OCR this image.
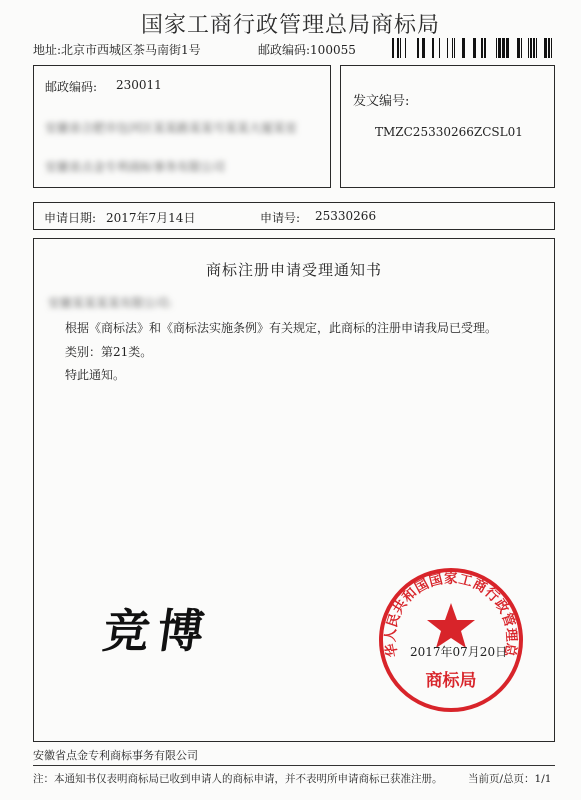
国家工商行政管理总局商标局
地址:北京市西城区茶马南街1号	邮政编码:100055
邮政编码: 230011
安徽省合肥市包河区某某路某某号某某大厦某室
安徽省点金专利商标事务有限公司
发文编号:
TMZC25330266ZCSL01
申请日期: 2017年7月14日	申请号: 25330266
商标注册申请受理通知书
安徽某某某某有限公司:
根据《商标法》和《商标法实施条例》有关规定，此商标的注册申请我局已受理。
类别：第21类。
特此通知。
竞博
中华人民共和国国家工商行政管理总局
商标局
2017年07月20日
安徽省点金专利商标事务有限公司
注：本通知书仅表明商标局已收到申请人的商标申请，并不表明所申请商标已获准注册。 当前页/总页：1/1
